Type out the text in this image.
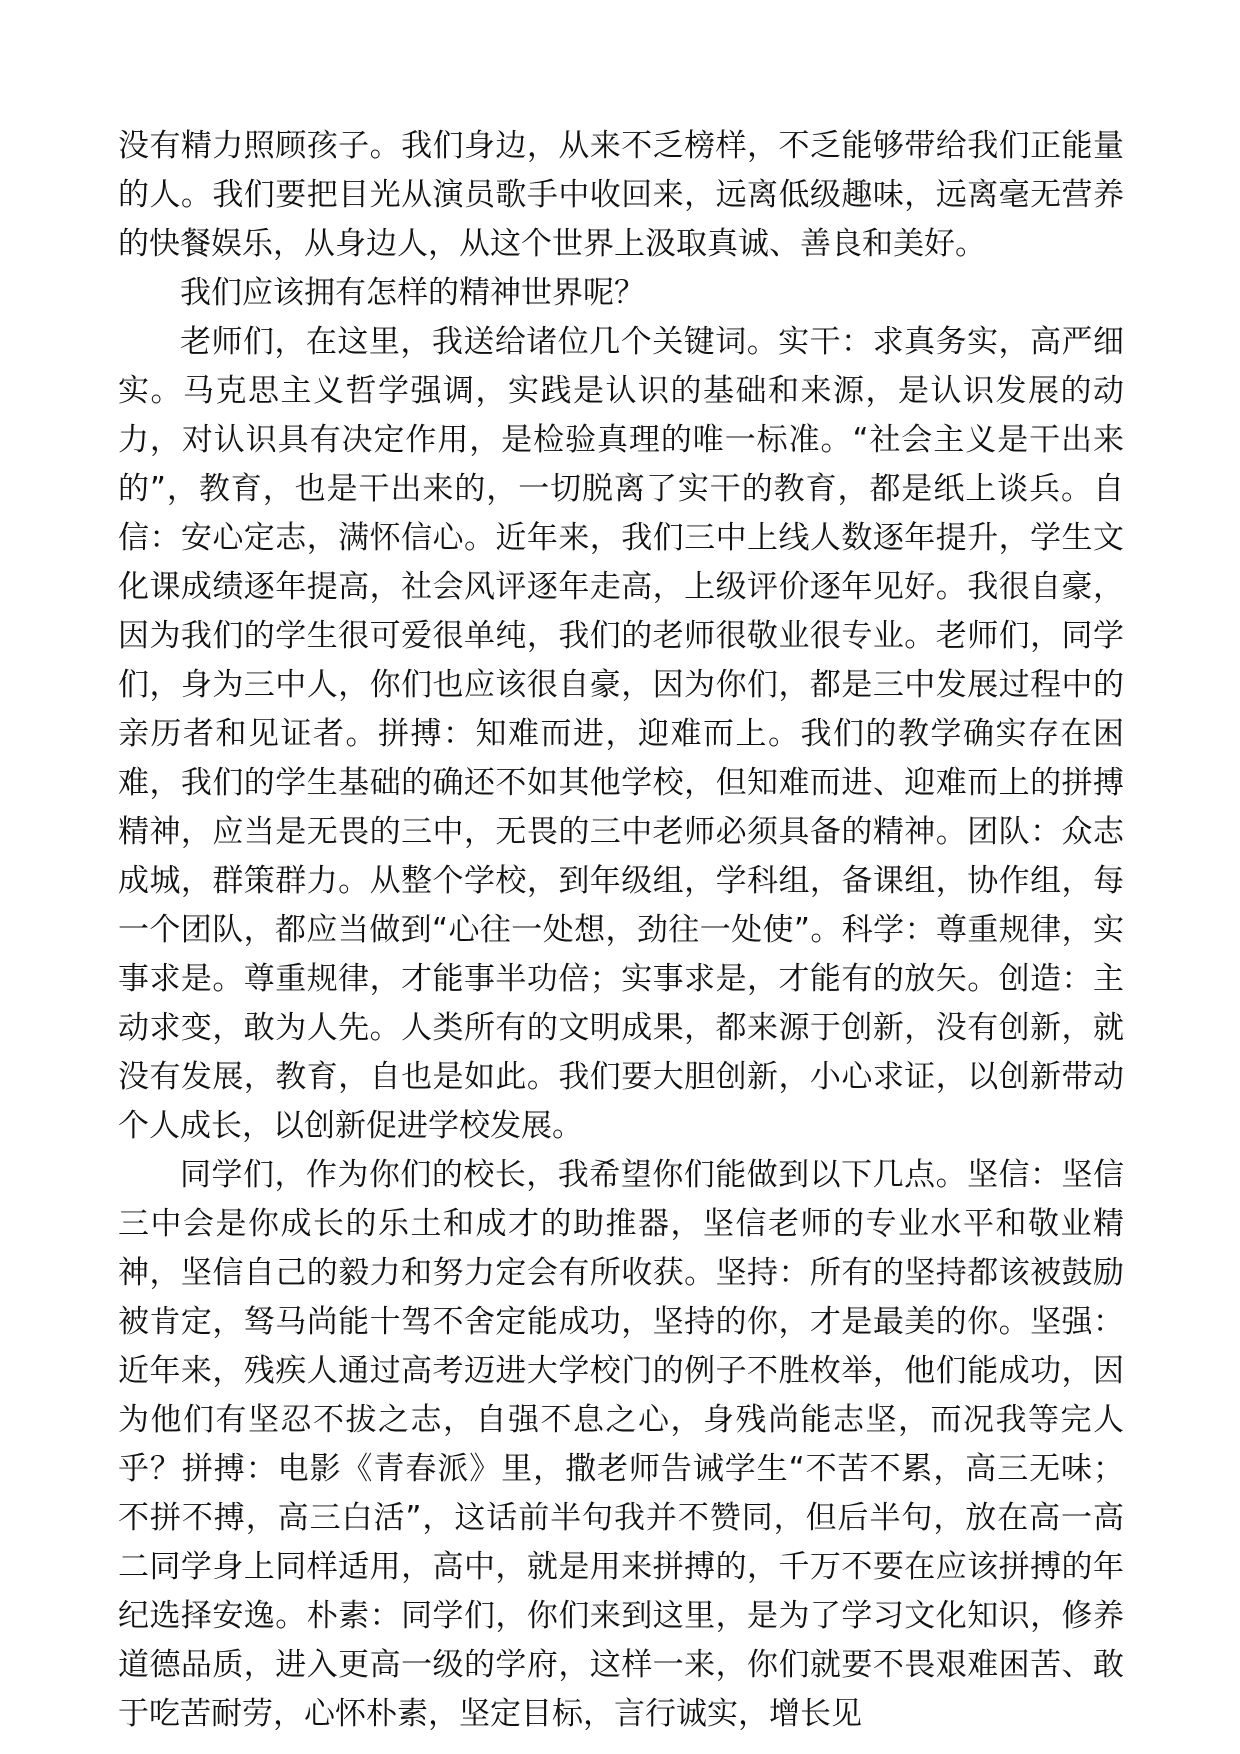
没有精力照顾孩子。我们身边，从来不乏榜样，不乏能够带给我们正能量的人。我们要把目光从演员歌手中收回来，远离低级趣味，远离毫无营养的快餐娱乐，从身边人，从这个世界上汲取真诚、善良和美好。

我们应该拥有怎样的精神世界呢？

老师们，在这里，我送给诸位几个关键词。实干：求真务实，高严细实。马克思主义哲学强调，实践是认识的基础和来源，是认识发展的动力，对认识具有决定作用，是检验真理的唯一标准。“社会主义是干出来的”，教育，也是干出来的，一切脱离了实干的教育，都是纸上谈兵。自信：安心定志，满怀信心。近年来，我们三中上线人数逐年提升，学生文化课成绩逐年提高，社会风评逐年走高，上级评价逐年见好。我很自豪，因为我们的学生很可爱很单纯，我们的老师很敬业很专业。老师们，同学们，身为三中人，你们也应该很自豪，因为你们，都是三中发展过程中的亲历者和见证者。拼搏：知难而进，迎难而上。我们的教学确实存在困难，我们的学生基础的确还不如其他学校，但知难而进、迎难而上的拼搏精神，应当是无畏的三中，无畏的三中老师必须具备的精神。团队：众志成城，群策群力。从整个学校，到年级组，学科组，备课组，协作组，每一个团队，都应当做到“心往一处想，劲往一处使”。科学：尊重规律，实事求是。尊重规律，才能事半功倍；实事求是，才能有的放矢。创造：主动求变，敢为人先。人类所有的文明成果，都来源于创新，没有创新，就没有发展，教育，自也是如此。我们要大胆创新，小心求证，以创新带动个人成长，以创新促进学校发展。

同学们，作为你们的校长，我希望你们能做到以下几点。坚信：坚信三中会是你成长的乐土和成才的助推器，坚信老师的专业水平和敬业精神，坚信自己的毅力和努力定会有所收获。坚持：所有的坚持都该被鼓励被肯定，驽马尚能十驾不舍定能成功，坚持的你，才是最美的你。坚强：近年来，残疾人通过高考迈进大学校门的例子不胜枚举，他们能成功，因为他们有坚忍不拔之志，自强不息之心，身残尚能志坚，而况我等完人乎？拼搏：电影《青春派》里，撒老师告诫学生“不苦不累，高三无味；不拼不搏，高三白活”，这话前半句我并不赞同，但后半句，放在高一高二同学身上同样适用，高中，就是用来拼搏的，千万不要在应该拼搏的年纪选择安逸。朴素：同学们，你们来到这里，是为了学习文化知识，修养道德品质，进入更高一级的学府，这样一来，你们就要不畏艰难困苦、敢于吃苦耐劳，心怀朴素，坚定目标，言行诚实，增长见
